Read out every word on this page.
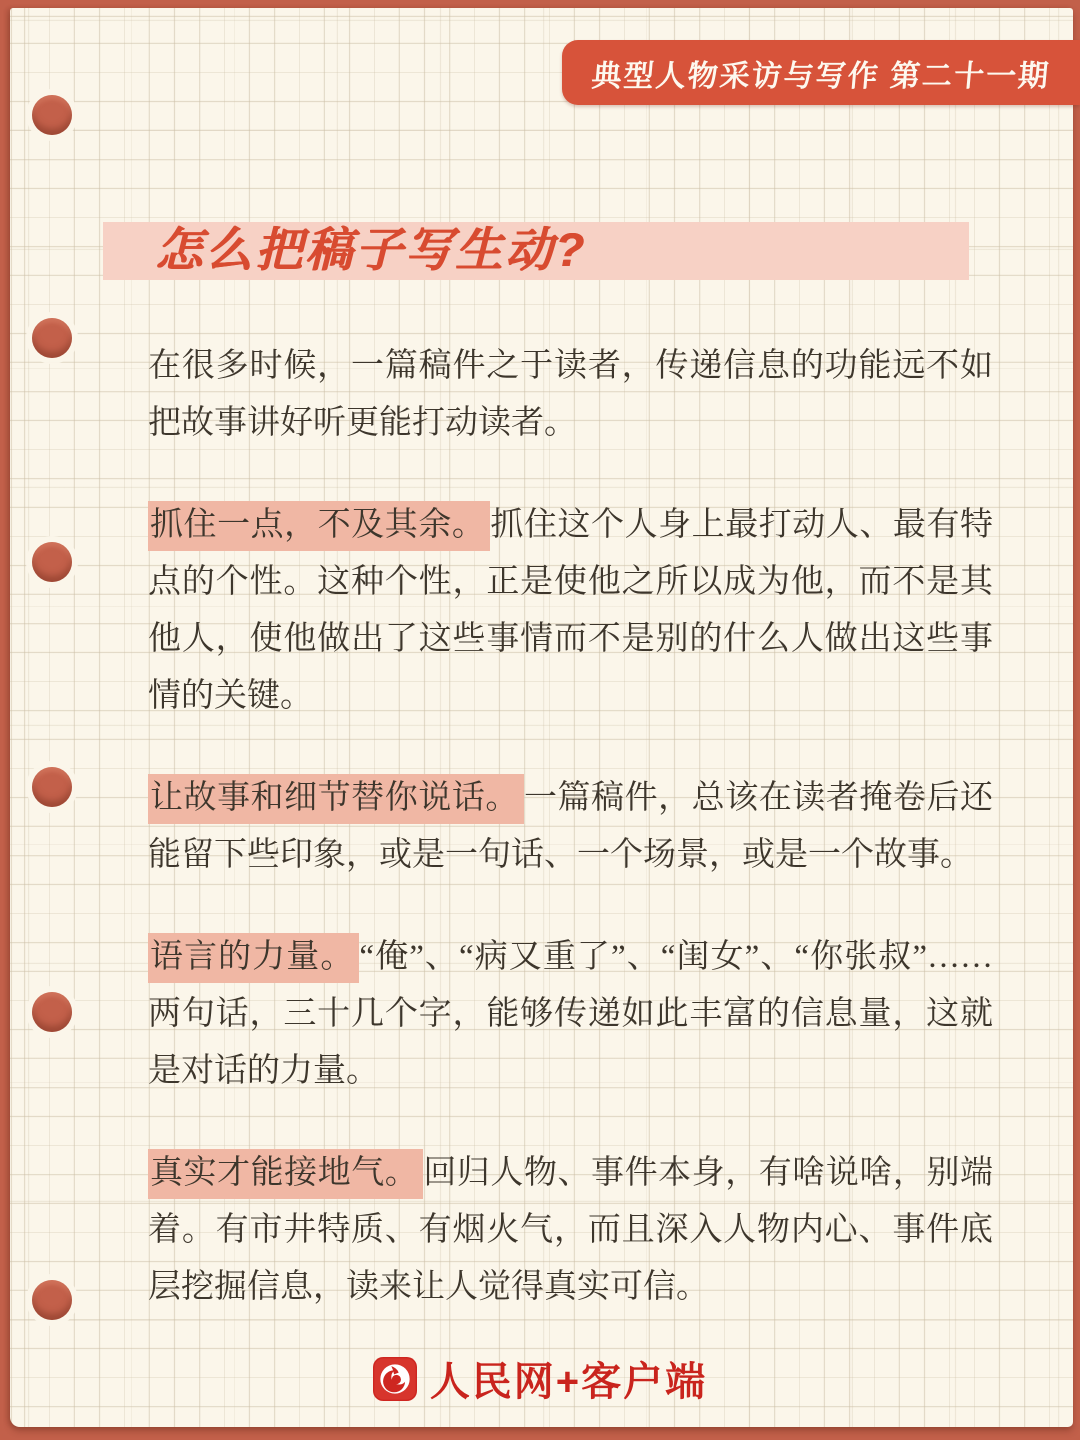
典型人物采访与写作 第二十一期
怎么把稿子写生动?

在很多时候，一篇稿件之于读者，传递信息的功能远不如把故事讲好听更能打动读者。

抓住一点，不及其余。 抓住这个人身上最打动人、最有特点的个性。这种个性，正是使他之所以成为他，而不是其他人，使他做出了这些事情而不是别的什么人做出这些事情的关键。

让故事和细节替你说话。 一篇稿件，总该在读者掩卷后还能留下些印象，或是一句话、一个场景，或是一个故事。

语言的力量。 “俺”、“病又重了”、“闺女”、“你张叔”……两句话，三十几个字，能够传递如此丰富的信息量，这就是对话的力量。

真实才能接地气。 回归人物、事件本身，有啥说啥，别端着。有市井特质、有烟火气，而且深入人物内心、事件底层挖掘信息，读来让人觉得真实可信。

人民网+客户端
